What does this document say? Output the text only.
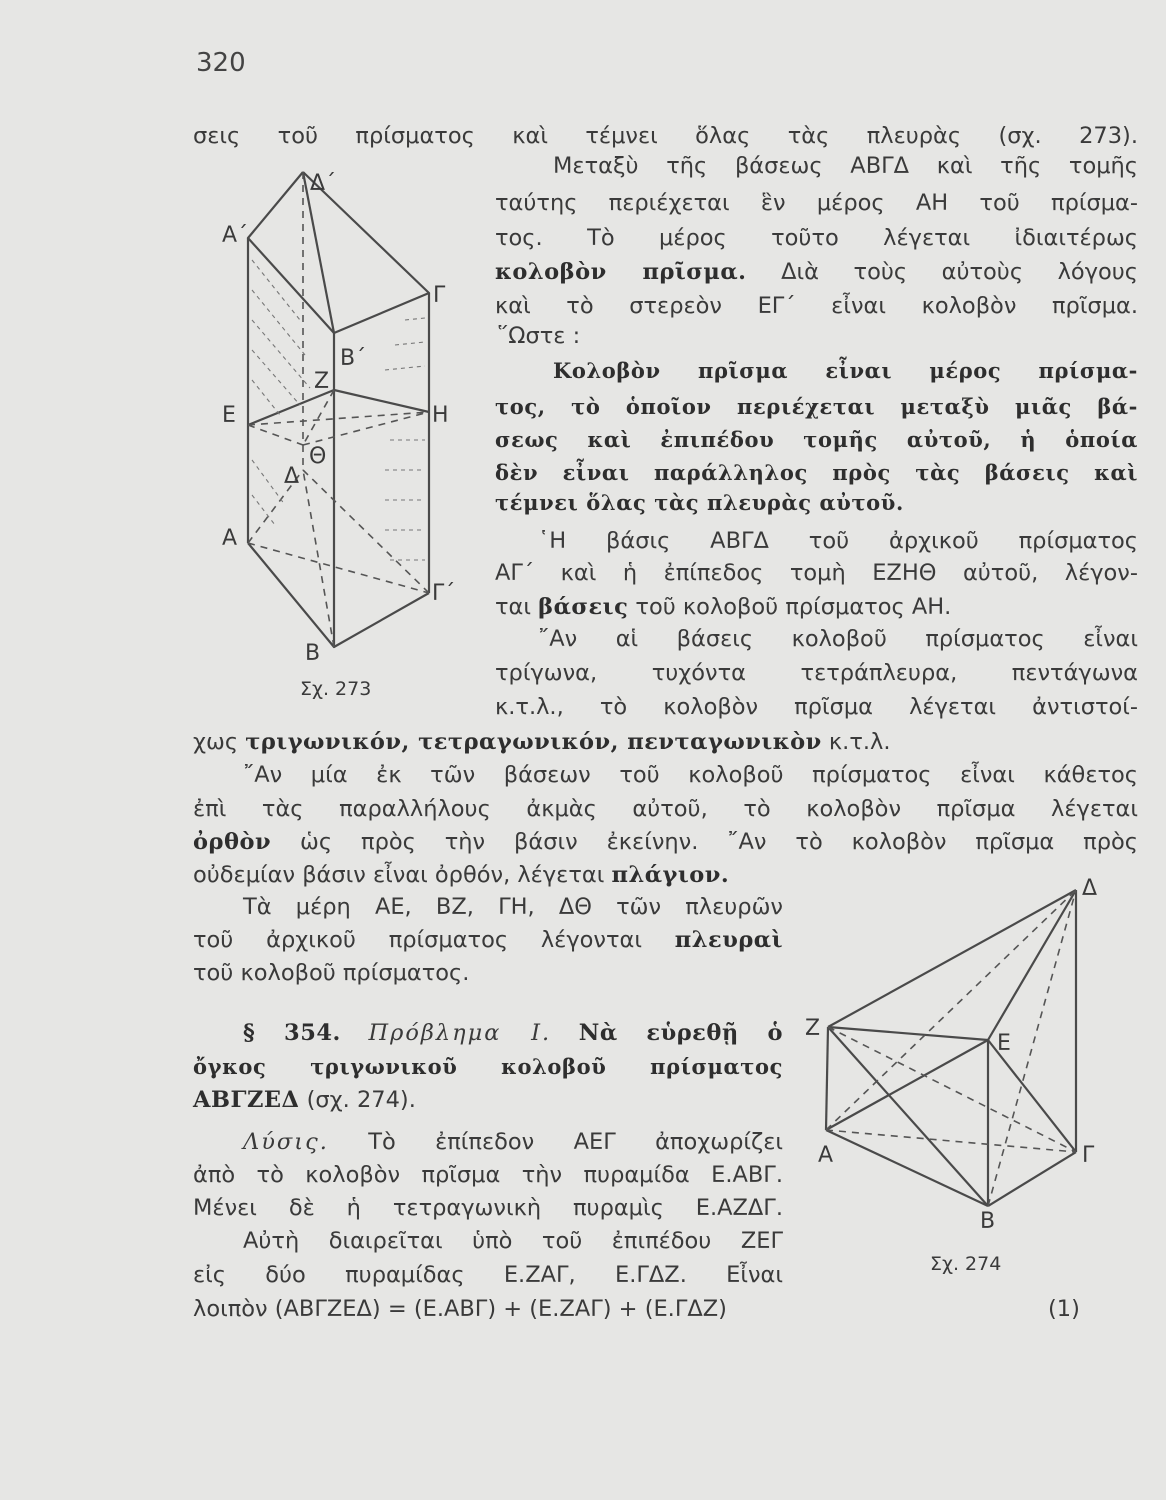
320
σεις τοῦ πρίσματος καὶ τέμνει ὅλας τὰς πλευρὰς (σχ. 273).
Μεταξὺ τῆς βάσεως ΑΒΓΔ καὶ τῆς τομῆς
ταύτης περιέχεται ἓν μέρος ΑΗ τοῦ πρίσμα-
τος. Τὸ μέρος τοῦτο λέγεται ἰδιαιτέρως
κολοβὸν πρῖσμα. Διὰ τοὺς αὐτοὺς λόγους
καὶ τὸ στερεὸν ΕΓ΄ εἶναι κολοβὸν πρῖσμα.
῞Ωστε :
Κολοβὸν πρῖσμα εἶναι μέρος πρίσμα-
τος, τὸ ὁποῖον περιέχεται μεταξὺ μιᾶς βά-
σεως καὶ ἐπιπέδου τομῆς αὐτοῦ, ἡ ὁποία
δὲν εἶναι παράλληλος πρὸς τὰς βάσεις καὶ
τέμνει ὅλας τὰς πλευρὰς αὐτοῦ.
῾Η βάσις ΑΒΓΔ τοῦ ἀρχικοῦ πρίσματος
ΑΓ΄ καὶ ἡ ἐπίπεδος τομὴ ΕΖΗΘ αὐτοῦ, λέγον-
ται βάσεις τοῦ κολοβοῦ πρίσματος ΑΗ.
῎Αν αἱ βάσεις κολοβοῦ πρίσματος εἶναι
τρίγωνα, τυχόντα τετράπλευρα, πεντάγωνα
κ.τ.λ., τὸ κολοβὸν πρῖσμα λέγεται ἀντιστοί-
χως τριγωνικόν, τετραγωνικόν, πενταγωνικὸν κ.τ.λ.
῎Αν μία ἐκ τῶν βάσεων τοῦ κολοβοῦ πρίσματος εἶναι κάθετος
ἐπὶ τὰς παραλλήλους ἀκμὰς αὐτοῦ, τὸ κολοβὸν πρῖσμα λέγεται
ὀρθὸν ὡς πρὸς τὴν βάσιν ἐκείνην. ῎Αν τὸ κολοβὸν πρῖσμα πρὸς
οὐδεμίαν βάσιν εἶναι ὀρθόν, λέγεται πλάγιον.
Τὰ μέρη ΑΕ, ΒΖ, ΓΗ, ΔΘ τῶν πλευρῶν
τοῦ ἀρχικοῦ πρίσματος λέγονται πλευραὶ
τοῦ κολοβοῦ πρίσματος.
§ 354. Πρόβλημα Ι. Νὰ εὑρεθῇ ὁ
ὄγκος τριγωνικοῦ κολοβοῦ πρίσματος
ΑΒΓΖΕΔ (σχ. 274).
Λύσις. Τὸ ἐπίπεδον ΑΕΓ ἀποχωρίζει
ἀπὸ τὸ κολοβὸν πρῖσμα τὴν πυραμίδα Ε.ΑΒΓ.
Μένει δὲ ἡ τετραγωνικὴ πυραμὶς Ε.ΑΖΔΓ.
Αὐτὴ διαιρεῖται ὑπὸ τοῦ ἐπιπέδου ΖΕΓ
εἰς δύο πυραμίδας Ε.ΖΑΓ, Ε.ΓΔΖ. Εἶναι
λοιπὸν (ΑΒΓΖΕΔ) = (Ε.ΑΒΓ) + (Ε.ΖΑΓ) + (Ε.ΓΔΖ)	(1)
Δ΄
Α΄
Γ
Β΄
Ζ
Ε	Η
Θ
Δ
Α
Γ΄
Β
Σχ. 273
Δ
Ζ
Ε
Α	Γ
Β
Σχ. 274
